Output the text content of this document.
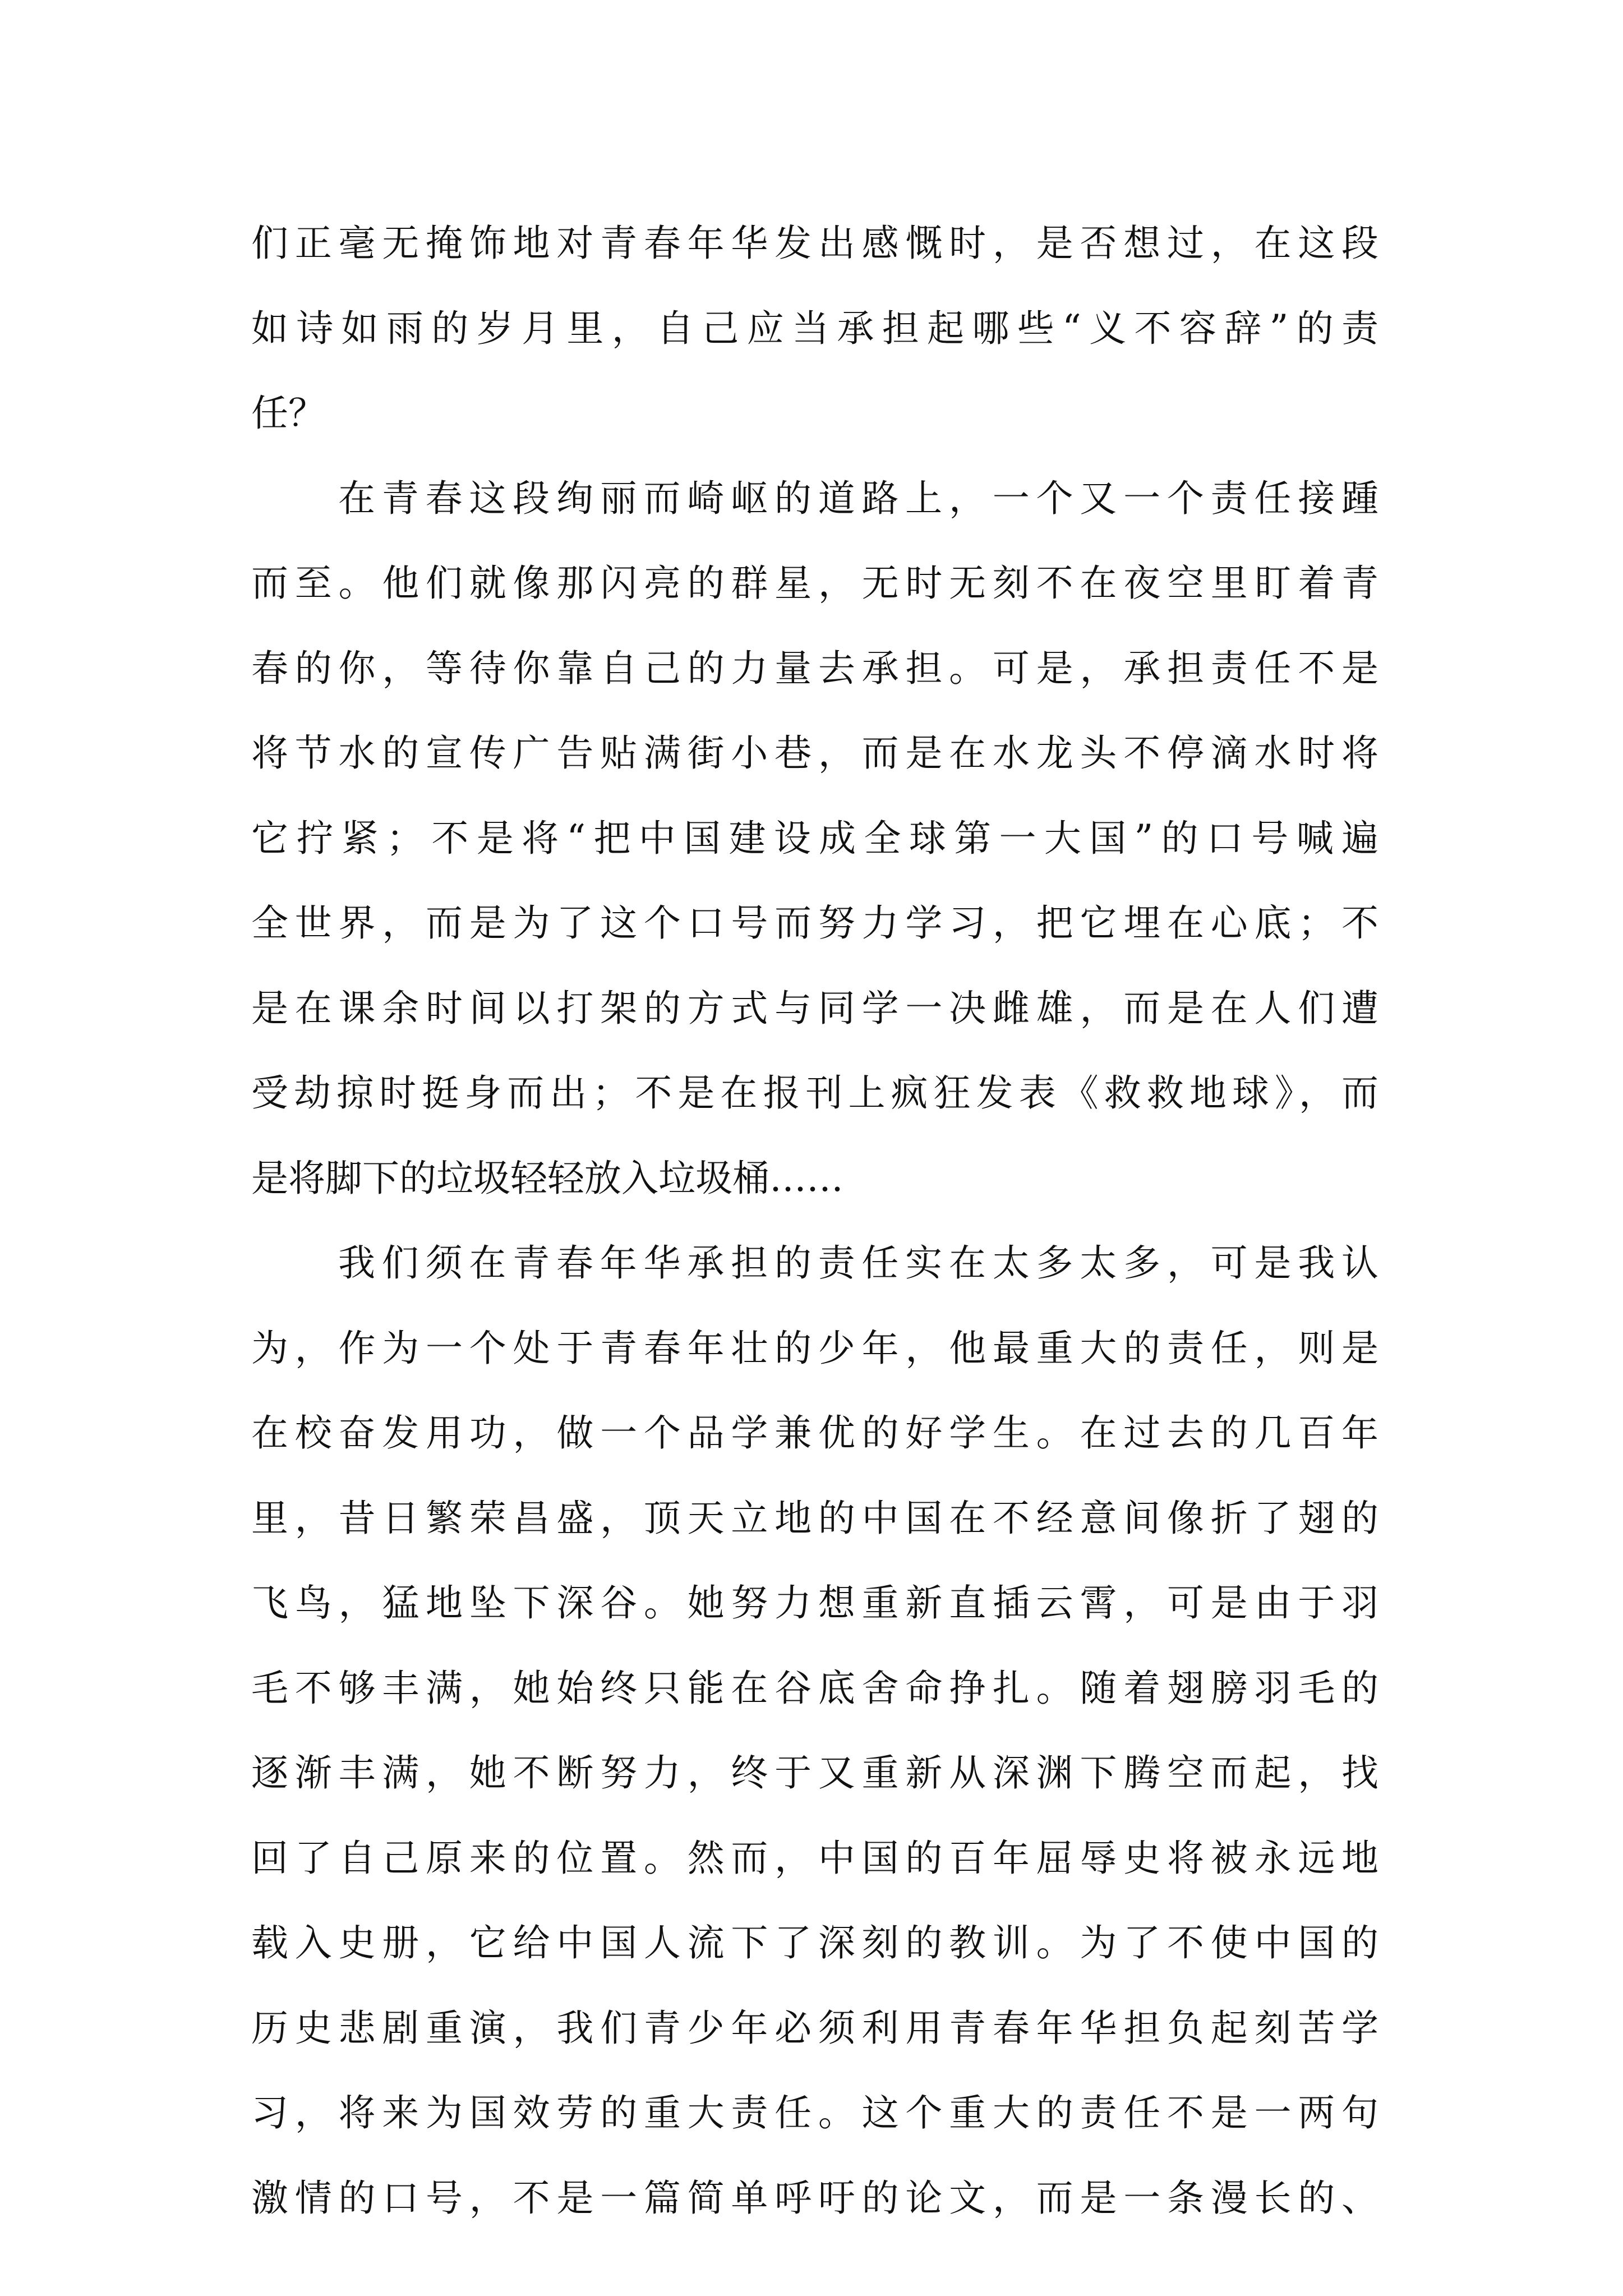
们正毫无掩饰地对青春年华发出感慨时，是否想过，在这段
如诗如雨的岁月里，自己应当承担起哪些“义不容辞”的责
任？
在青春这段绚丽而崎岖的道路上，一个又一个责任接踵
而至。他们就像那闪亮的群星，无时无刻不在夜空里盯着青
春的你，等待你靠自己的力量去承担。可是，承担责任不是
将节水的宣传广告贴满街小巷，而是在水龙头不停滴水时将
它拧紧；不是将“把中国建设成全球第一大国”的口号喊遍
全世界，而是为了这个口号而努力学习，把它埋在心底；不
是在课余时间以打架的方式与同学一决雌雄，而是在人们遭
受劫掠时挺身而出；不是在报刊上疯狂发表《救救地球》，而
是将脚下的垃圾轻轻放入垃圾桶……
我们须在青春年华承担的责任实在太多太多，可是我认
为，作为一个处于青春年壮的少年，他最重大的责任，则是
在校奋发用功，做一个品学兼优的好学生。在过去的几百年
里，昔日繁荣昌盛，顶天立地的中国在不经意间像折了翅的
飞鸟，猛地坠下深谷。她努力想重新直插云霄，可是由于羽
毛不够丰满，她始终只能在谷底舍命挣扎。随着翅膀羽毛的
逐渐丰满，她不断努力，终于又重新从深渊下腾空而起，找
回了自己原来的位置。然而，中国的百年屈辱史将被永远地
载入史册，它给中国人流下了深刻的教训。为了不使中国的
历史悲剧重演，我们青少年必须利用青春年华担负起刻苦学
习，将来为国效劳的重大责任。这个重大的责任不是一两句
激情的口号，不是一篇简单呼吁的论文，而是一条漫长的、
